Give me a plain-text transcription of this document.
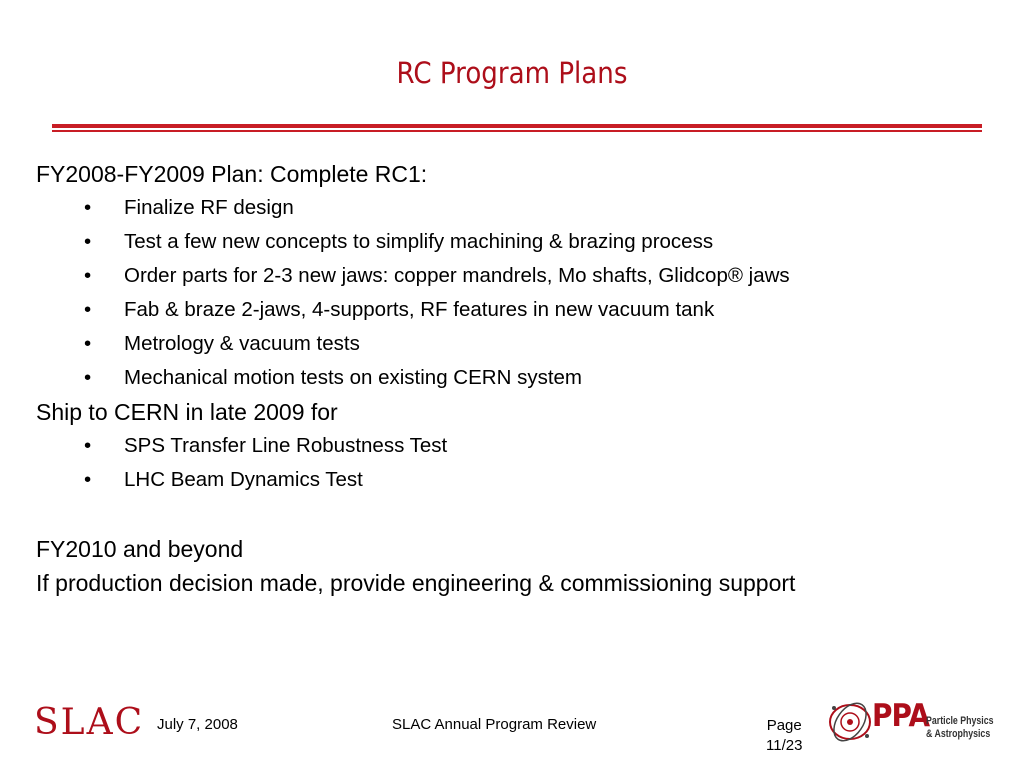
RC Program Plans

FY2008-FY2009 Plan: Complete RC1:

• Finalize RF design
• Test a few new concepts to simplify machining & brazing process
• Order parts for 2-3 new jaws: copper mandrels, Mo shafts, Glidcop® jaws
• Fab & braze 2-jaws, 4-supports, RF features in new vacuum tank
• Metrology & vacuum tests
• Mechanical motion tests on existing CERN system

Ship to CERN in late 2009 for

• SPS Transfer Line Robustness Test
• LHC Beam Dynamics Test

FY2010 and beyond

If production decision made, provide engineering & commissioning support

SLAC July 7, 2008	SLAC Annual Program Review	Page
11/23
PPA
Particle Physics
& Astrophysics
